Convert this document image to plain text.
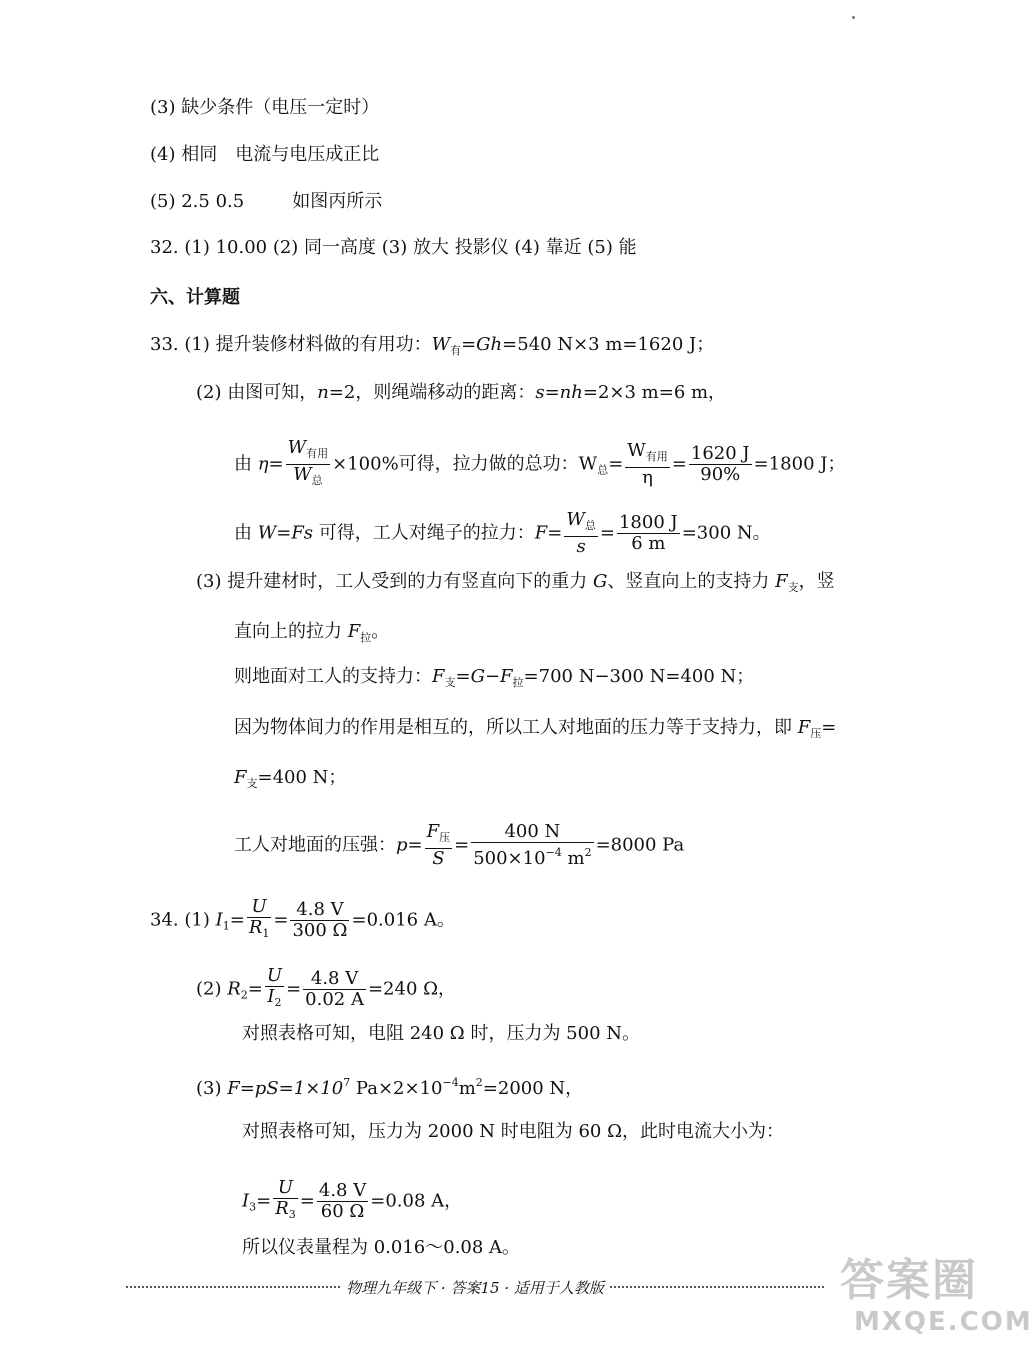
(3) 缺少条件（电压一定时）
(4) 相同 电流与电压成正比
(5) 2.5 0.5	如图丙所示
32. (1) 10.00 (2) 同一高度 (3) 放大 投影仪 (4) 靠近 (5) 能
六、计算题
33. (1) 提升装修材料做的有用功：$W_有=Gh=540$ N×3 m=1620 J；
(2) 由图可知，n=2，则绳端移动的距离：s=nh=2×3 m=6 m，
由 $\eta= \frac{W_{有用}}{W_总} \times 100\%$可得，拉力做的总功：$W_总= \frac{W_{有用}}{\eta} = \frac{1620 J}{90\%} =1800$ J；
由 W=Fs 可得，工人对绳子的拉力：$F= \frac{W_总}{s} = \frac{1800 J}{6 m} =300$ N。
(3) 提升建材时，工人受到的力有竖直向下的重力 G、竖直向上的支持力 $F_支$，竖
直向上的拉力 $F_拉$。
则地面对工人的支持力：$F_支=G-F_拉=700$ N−300 N=400 N；
因为物体间力的作用是相互的，所以工人对地面的压力等于支持力，即 $F_压=$
$F_支=400$ N；
工人对地面的压强：$p= \frac{F_压}{S} = \frac{400 N}{500\times 10^{-4} m^2} =8000$ Pa
34. (1) $I_1= \frac{U}{R_1} = \frac{4.8 V}{300 \Omega} =0.016$ A。
(2) $R_2= \frac{U}{I_2} = \frac{4.8 V}{0.02 A} =240$ Ω，
对照表格可知，电阻 240 Ω 时，压力为 500 N。
(3) $F=pS=1\times 10^7$ $Pa\times 2\times 10^{-4}m^2=2000$ N，
对照表格可知，压力为 2000 N 时电阻为 60 Ω，此时电流大小为：
$I_3= \frac{U}{R_3} = \frac{4.8 V}{60 \Omega} =0.08$ A，
所以仪表量程为 0.016～0.08 A。
物理九年级下 · 答案15 · 适用于人教版	答案圈
MXQE.COM
